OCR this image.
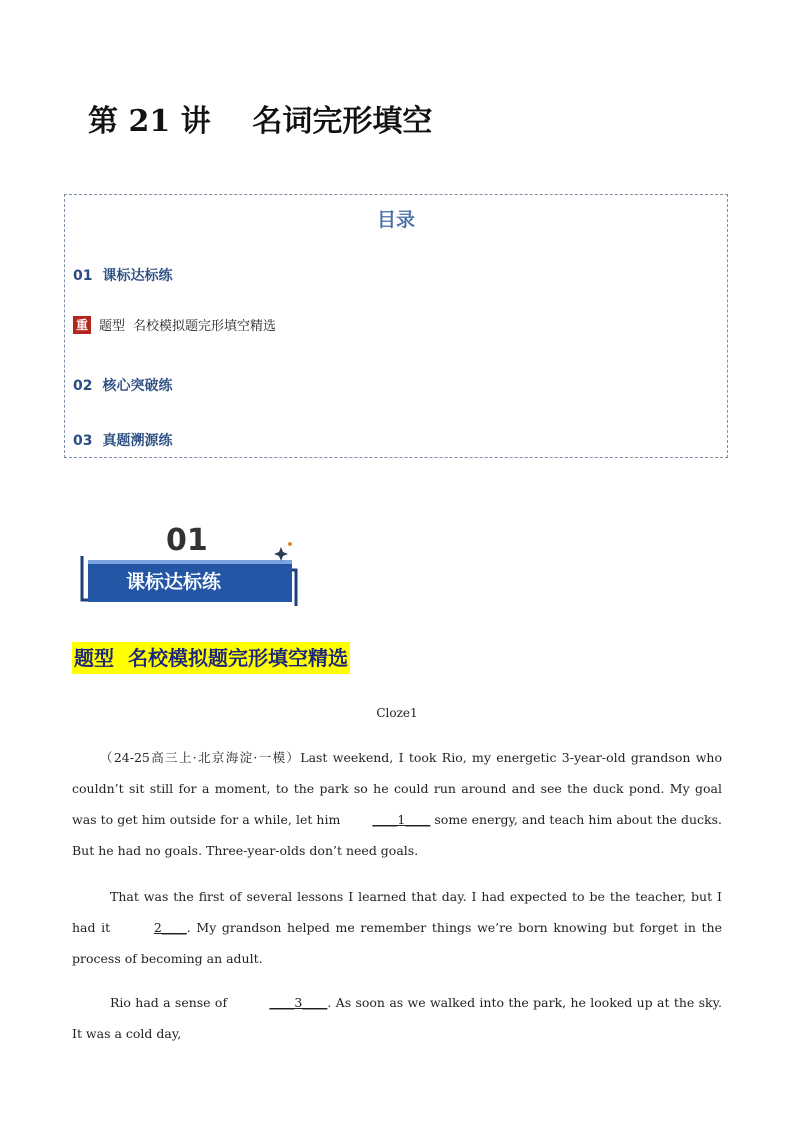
第 21 讲    名词完形填空
目录
01 课标达标练
重 题型 名校模拟题完形填空精选
02 核心突破练
03 真题溯源练
01
课标达标练
题型 名校模拟题完形填空精选
Cloze1
（24-25高三上·北京海淀·一模）Last weekend, I took Rio, my energetic 3-year-old grandson who couldn’t sit still for a moment, to the park so he could run around and see the duck pond. My goal was to get him outside for a while, let him ____1____ some energy, and teach him about the ducks. But he had no goals. Three-year-olds don’t need goals.
That was the first of several lessons I learned that day. I had expected to be the teacher, but I had it	2____. My grandson helped me remember things we’re born knowing but forget in the process of becoming an adult.
Rio had a sense of	____3____. As soon as we walked into the park, he looked up at the sky. It was a cold day,
